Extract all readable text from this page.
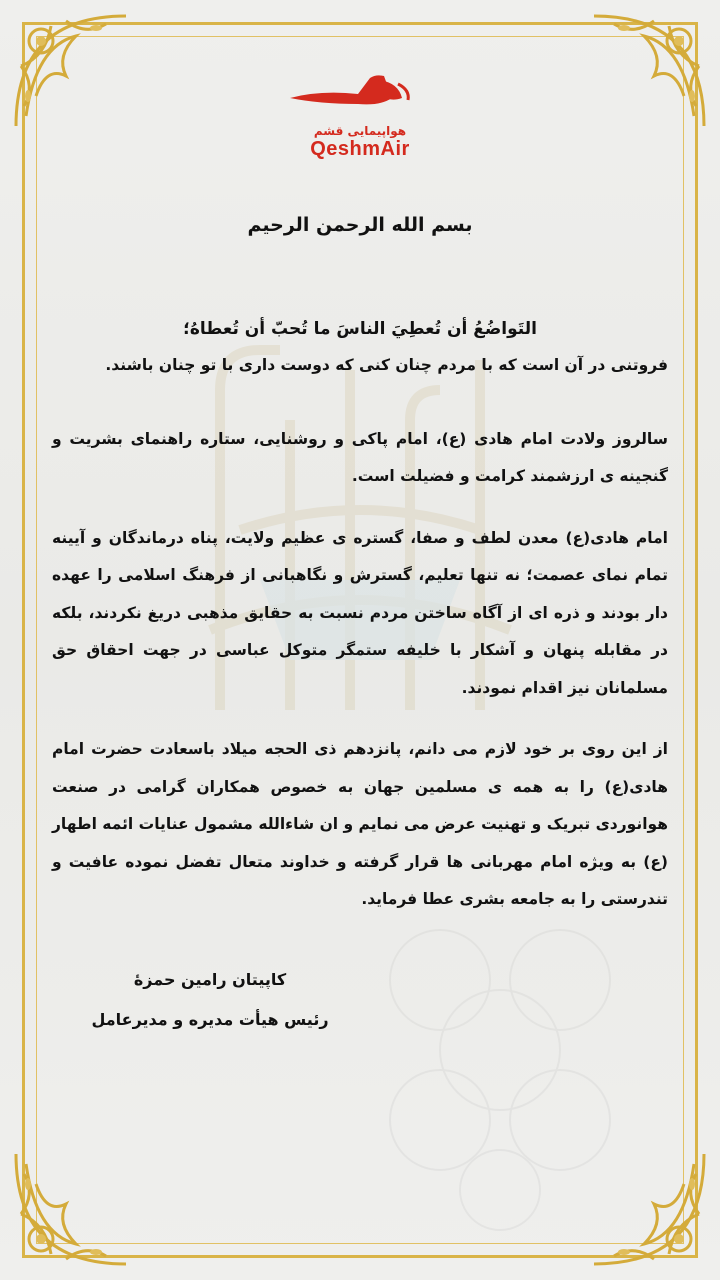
هواپیمایی قشم
QeshmAir

بسم الله الرحمن الرحیم

التَواضُعُ أن تُعطِيَ الناسَ ما تُحبّ أن تُعطاهُ؛

فروتنی در آن است که با مردم چنان کنی که دوست داری با تو چنان باشند.

سالروز ولادت امام هادی (ع)، امام پاکی و روشنایی، ستاره راهنمای بشریت و گنجینه ی ارزشمند کرامت و فضیلت است.

امام هادی(ع) معدن لطف و صفا، گستره ی عظیم ولایت، پناه درماندگان و آیینه تمام نمای عصمت؛ نه تنها تعلیم، گسترش و نگاهبانی از فرهنگ اسلامی را عهده دار بودند و ذره ای از آگاه ساختن مردم نسبت به حقایق مذهبی دریغ نکردند، بلکه در مقابله پنهان و آشکار با خلیفه ستمگر متوکل عباسی در جهت احقاق حق مسلمانان نیز اقدام نمودند.

از این روی بر خود لازم می دانم، پانزدهم ذی الحجه میلاد باسعادت حضرت امام هادی(ع) را به همه ی مسلمین جهان به خصوص همکاران گرامی در صنعت هوانوردی تبریک و تهنیت عرض می نمایم و ان شاءالله مشمول عنایات ائمه اطهار (ع) به ویژه امام مهربانی ها قرار گرفته و خداوند متعال تفضل نموده عافیت و تندرستی را به جامعه بشری عطا فرماید.

کاپیتان رامین حمزهٔ
رئیس هیأت مدیره و مدیرعامل
